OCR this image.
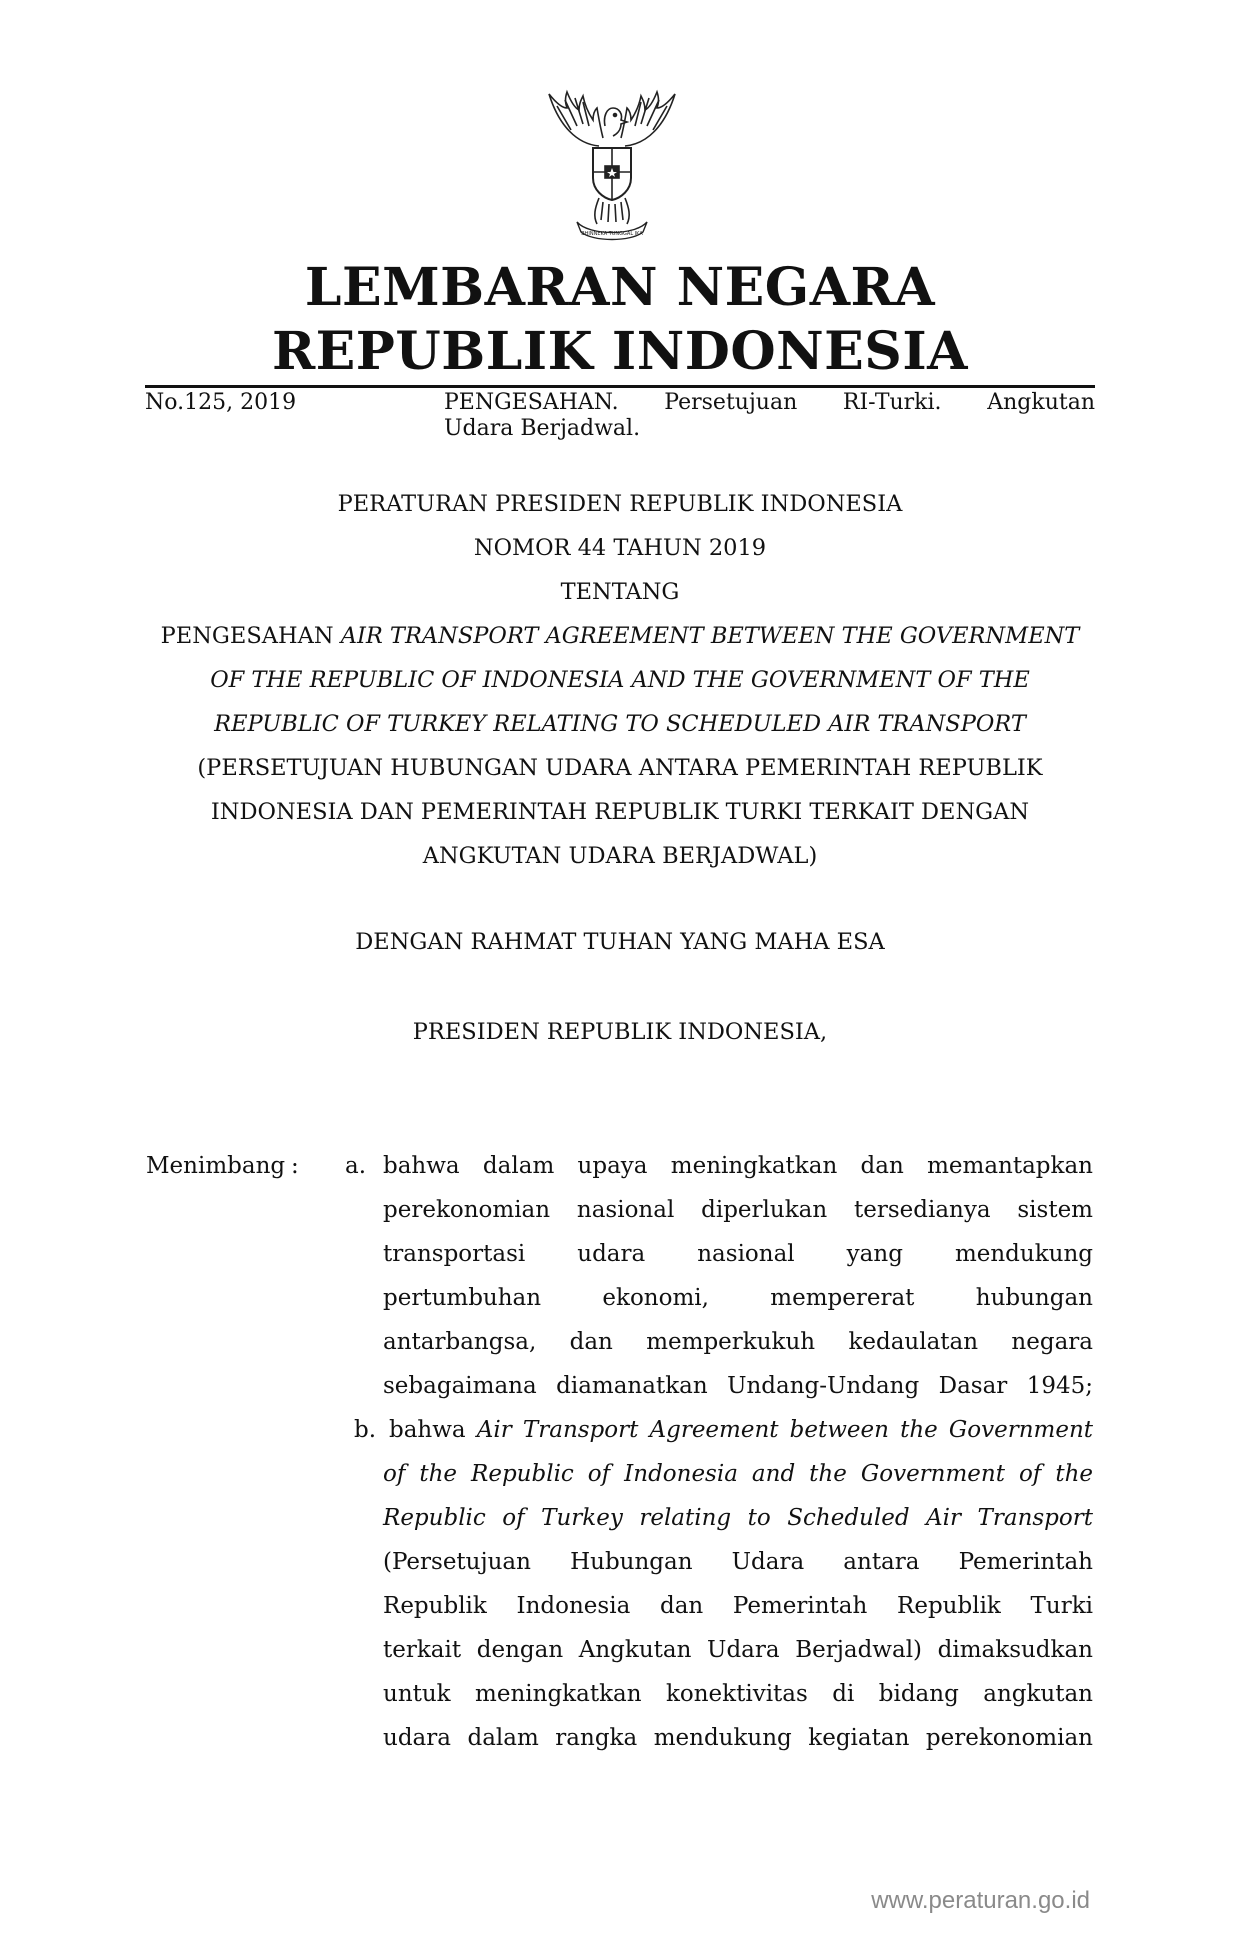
BHINNEKA TUNGGAL IKA
LEMBARAN NEGARA
REPUBLIK INDONESIA
No.125, 2019	PENGESAHAN. Persetujuan RI-Turki. Angkutan
Udara Berjadwal.
PERATURAN PRESIDEN REPUBLIK INDONESIA
NOMOR 44 TAHUN 2019
TENTANG
PENGESAHAN AIR TRANSPORT AGREEMENT BETWEEN THE GOVERNMENT
OF THE REPUBLIC OF INDONESIA AND THE GOVERNMENT OF THE
REPUBLIC OF TURKEY RELATING TO SCHEDULED AIR TRANSPORT
(PERSETUJUAN HUBUNGAN UDARA ANTARA PEMERINTAH REPUBLIK
INDONESIA DAN PEMERINTAH REPUBLIK TURKI TERKAIT DENGAN
ANGKUTAN UDARA BERJADWAL)
DENGAN RAHMAT TUHAN YANG MAHA ESA
PRESIDEN REPUBLIK INDONESIA,
Menimbang : a. bahwa dalam upaya meningkatkan dan memantapkan
perekonomian nasional diperlukan tersedianya sistem
transportasi udara nasional yang mendukung
pertumbuhan ekonomi, mempererat hubungan
antarbangsa, dan memperkukuh kedaulatan negara
sebagaimana diamanatkan Undang-Undang Dasar 1945;
b. bahwa Air Transport Agreement between the Government
of the Republic of Indonesia and the Government of the
Republic of Turkey relating to Scheduled Air Transport
(Persetujuan Hubungan Udara antara Pemerintah
Republik Indonesia dan Pemerintah Republik Turki
terkait dengan Angkutan Udara Berjadwal) dimaksudkan
untuk meningkatkan konektivitas di bidang angkutan
udara dalam rangka mendukung kegiatan perekonomian
www.peraturan.go.id
